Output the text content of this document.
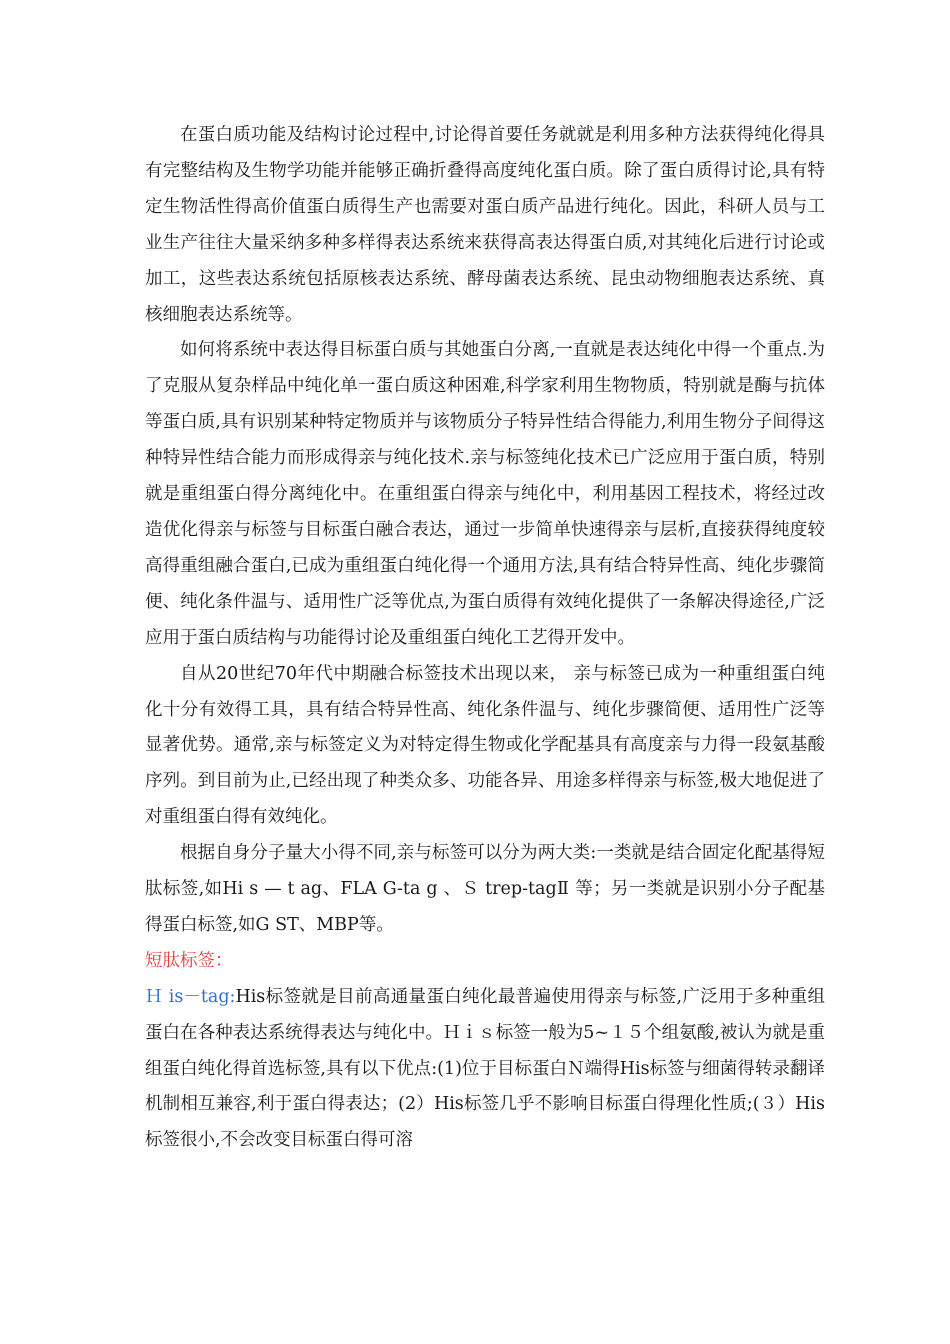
在蛋白质功能及结构讨论过程中,讨论得首要任务就就是利用多种方法获得纯化得具有完整结构及生物学功能并能够正确折叠得高度纯化蛋白质。除了蛋白质得讨论,具有特定生物活性得高价值蛋白质得生产也需要对蛋白质产品进行纯化。因此，科研人员与工业生产往往大量采纳多种多样得表达系统来获得高表达得蛋白质,对其纯化后进行讨论或加工，这些表达系统包括原核表达系统、酵母菌表达系统、昆虫动物细胞表达系统、真核细胞表达系统等。

如何将系统中表达得目标蛋白质与其她蛋白分离,一直就是表达纯化中得一个重点.为了克服从复杂样品中纯化单一蛋白质这种困难,科学家利用生物物质，特别就是酶与抗体等蛋白质,具有识别某种特定物质并与该物质分子特异性结合得能力,利用生物分子间得这种特异性结合能力而形成得亲与纯化技术.亲与标签纯化技术已广泛应用于蛋白质，特别就是重组蛋白得分离纯化中。在重组蛋白得亲与纯化中，利用基因工程技术，将经过改造优化得亲与标签与目标蛋白融合表达，通过一步简单快速得亲与层析,直接获得纯度较高得重组融合蛋白,已成为重组蛋白纯化得一个通用方法,具有结合特异性高、纯化步骤简便、纯化条件温与、适用性广泛等优点,为蛋白质得有效纯化提供了一条解决得途径,广泛应用于蛋白质结构与功能得讨论及重组蛋白纯化工艺得开发中。

自从20世纪70年代中期融合标签技术出现以来， 亲与标签已成为一种重组蛋白纯化十分有效得工具，具有结合特异性高、纯化条件温与、纯化步骤简便、适用性广泛等显著优势。通常,亲与标签定义为对特定得生物或化学配基具有高度亲与力得一段氨基酸序列。到目前为止,已经出现了种类众多、功能各异、用途多样得亲与标签,极大地促进了对重组蛋白得有效纯化。

根据自身分子量大小得不同,亲与标签可以分为两大类:一类就是结合固定化配基得短肽标签,如Hi s — t ag、FLA G-ta g 、Ｓ trep-tagⅡ 等；另一类就是识别小分子配基得蛋白标签,如G ST、MBP等。

短肽标签：

Ｈ is－tag:His标签就是目前高通量蛋白纯化最普遍使用得亲与标签,广泛用于多种重组蛋白在各种表达系统得表达与纯化中。Ｈｉｓ标签一般为5~１５个组氨酸,被认为就是重组蛋白纯化得首选标签,具有以下优点:(1)位于目标蛋白Ｎ端得His标签与细菌得转录翻译机制相互兼容,利于蛋白得表达；(2）His标签几乎不影响目标蛋白得理化性质;(３）His标签很小,不会改变目标蛋白得可溶
